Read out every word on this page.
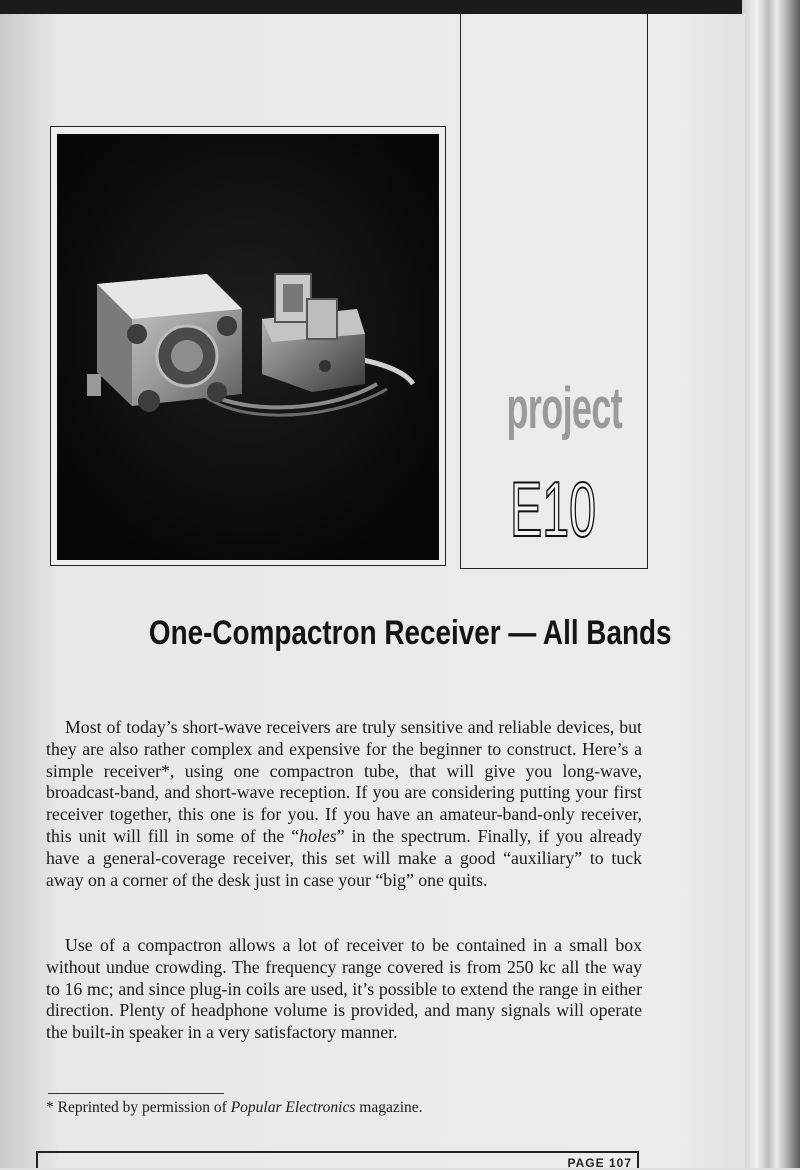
project
E10
One-Compactron Receiver — All Bands

Most of today’s short-wave receivers are truly sensitive and reliable devices, but they are also rather complex and expensive for the beginner to construct. Here’s a simple receiver*, using one compactron tube, that will give you long-wave, broadcast-band, and short-wave reception. If you are considering putting your first receiver together, this one is for you. If you have an amateur-band-only receiver, this unit will fill in some of the “holes” in the spectrum. Finally, if you already have a general-coverage receiver, this set will make a good “auxiliary” to tuck away on a corner of the desk just in case your “big” one quits.

Use of a compactron allows a lot of receiver to be contained in a small box without undue crowding. The frequency range covered is from 250 kc all the way to 16 mc; and since plug-in coils are used, it’s possible to extend the range in either direction. Plenty of headphone volume is provided, and many signals will operate the built-in speaker in a very satisfactory manner.

* Reprinted by permission of Popular Electronics magazine.
PAGE 107
